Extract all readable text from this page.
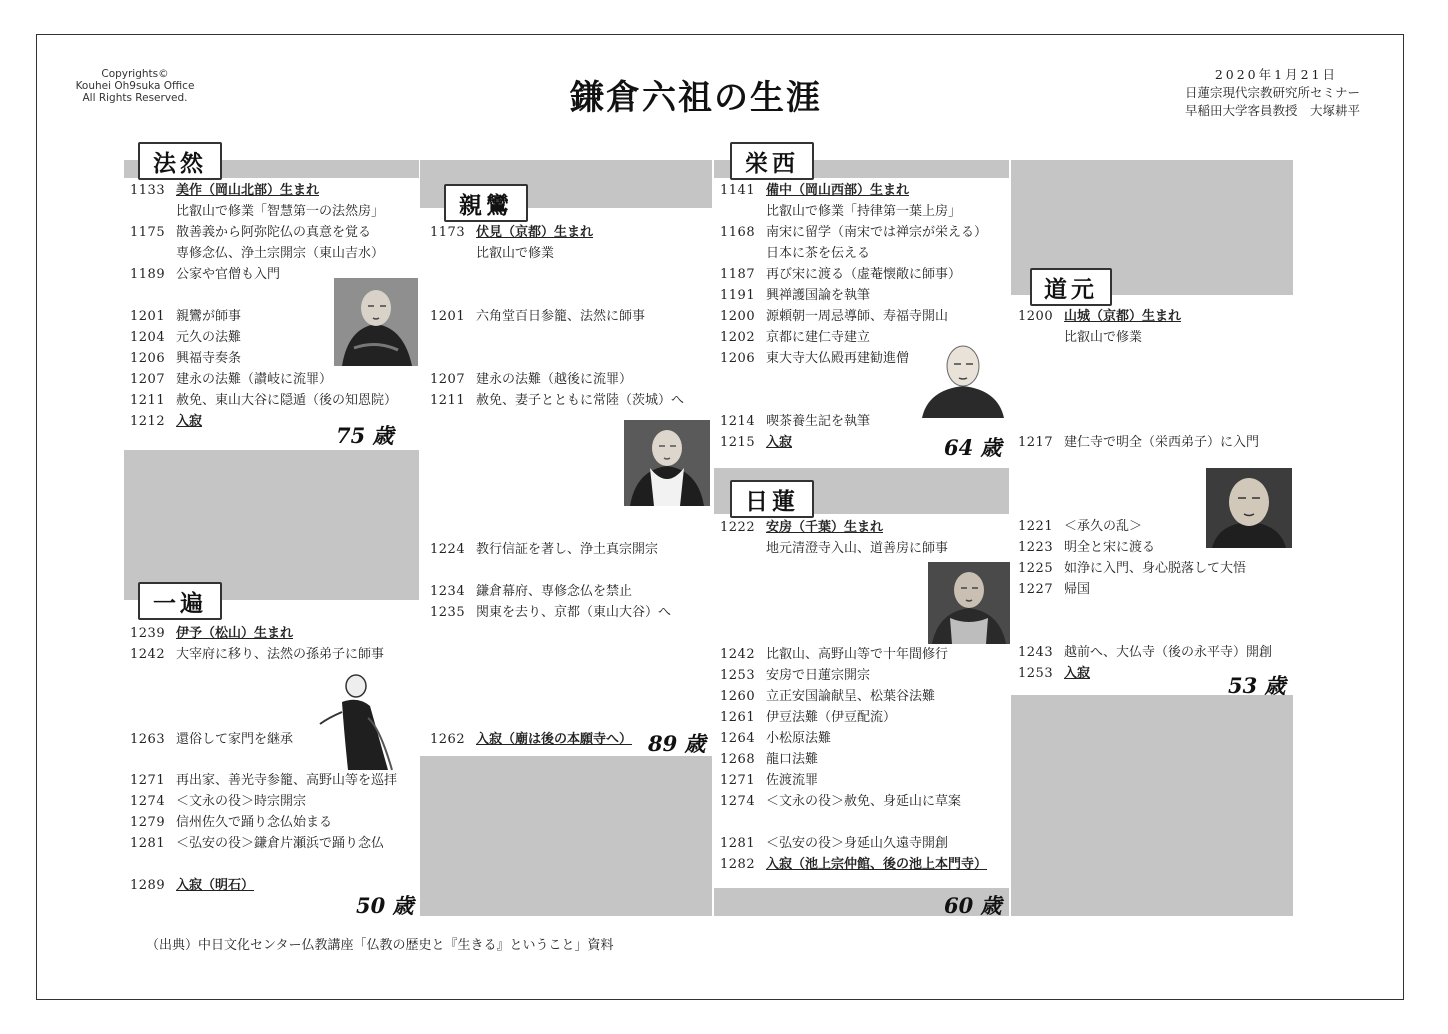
Copyrights©
Kouhei Oh9suka Office
All Rights Reserved.	鎌倉六祖の生涯
2020年1月21日
日蓮宗現代宗教研究所セミナー
早稲田大学客員教授　大塚耕平
法然
親鸞
栄西
日蓮
道元
一遍
75 歳
89 歳
64 歳
53 歳
50 歳	60 歳
1133 美作（岡山北部）生まれ
比叡山で修業「智慧第一の法然房」
1175 散善義から阿弥陀仏の真意を覚る
専修念仏、浄土宗開宗（東山吉水）
1189 公家や官僧も入門
1201 親鸞が師事
1204 元久の法難
1206 興福寺奏条
1207 建永の法難（讃岐に流罪）
1211 赦免、東山大谷に隠遁（後の知恩院）
1212 入寂
1173 伏見（京都）生まれ
比叡山で修業
1201 六角堂百日参籠、法然に師事
1207 建永の法難（越後に流罪）
1211 赦免、妻子とともに常陸（茨城）へ
1224 教行信証を著し、浄土真宗開宗
1234 鎌倉幕府、専修念仏を禁止
1235 関東を去り、京都（東山大谷）へ
1262 入寂（廟は後の本願寺へ）
1141 備中（岡山西部）生まれ
比叡山で修業「持律第一葉上房」
1168 南宋に留学（南宋では禅宗が栄える）
日本に茶を伝える
1187 再び宋に渡る（虚菴懐敞に師事）
1191 興禅護国論を執筆
1200 源頼朝一周忌導師、寿福寺開山
1202 京都に建仁寺建立
1206 東大寺大仏殿再建勧進僧
1214 喫茶養生記を執筆
1215 入寂
1200 山城（京都）生まれ
比叡山で修業
1217 建仁寺で明全（栄西弟子）に入門
1221 ＜承久の乱＞
1223 明全と宋に渡る
1225 如浄に入門、身心脱落して大悟
1227 帰国
1243 越前へ、大仏寺（後の永平寺）開創
1253 入寂
1239 伊予（松山）生まれ
1242 大宰府に移り、法然の孫弟子に師事
1263 還俗して家門を継承
1271 再出家、善光寺参籠、高野山等を巡拝
1274 ＜文永の役＞時宗開宗
1279 信州佐久で踊り念仏始まる
1281 ＜弘安の役＞鎌倉片瀬浜で踊り念仏
1289 入寂（明石）
1222 安房（千葉）生まれ
地元清澄寺入山、道善房に師事
1242 比叡山、高野山等で十年間修行
1253 安房で日蓮宗開宗
1260 立正安国論献呈、松葉谷法難
1261 伊豆法難（伊豆配流）
1264 小松原法難
1268 龍口法難
1271 佐渡流罪
1274 ＜文永の役＞赦免、身延山に草案
1281 ＜弘安の役＞身延山久遠寺開創
1282 入寂（池上宗仲館、後の池上本門寺）
（出典）中日文化センター仏教講座「仏教の歴史と『生きる』ということ」資料
